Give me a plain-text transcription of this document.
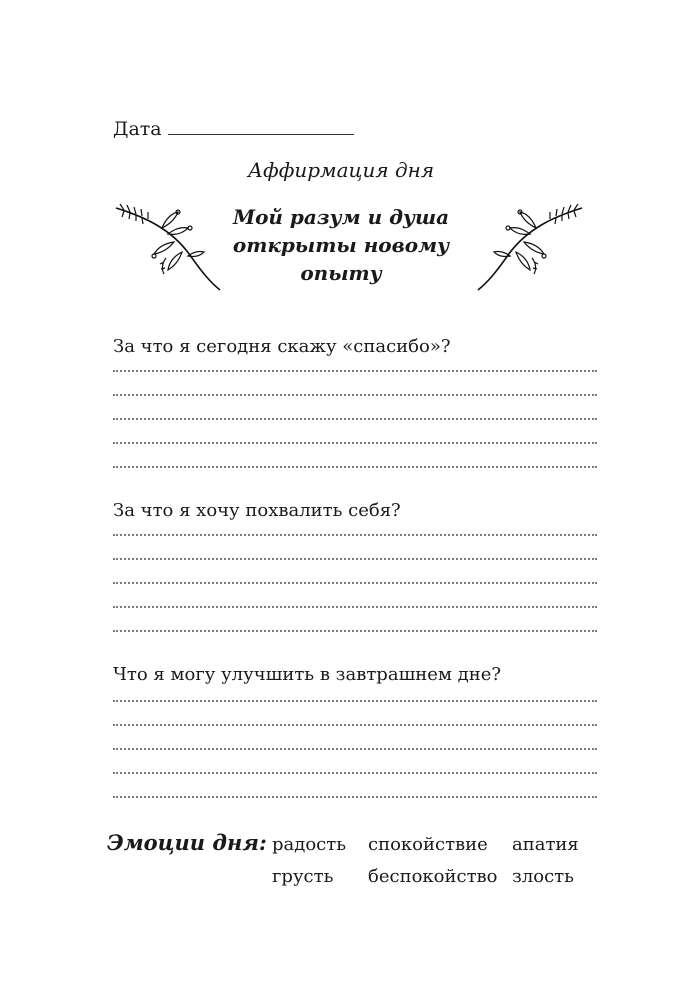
Дата
Аффирмация дня
Мой разум и душа открыты новому опыту
За что я сегодня скажу «спасибо»?
За что я хочу похвалить себя?
Что я могу улучшить в завтрашнем дне?
Эмоции дня: радость спокойствие апатия
грусть беспокойство злость
